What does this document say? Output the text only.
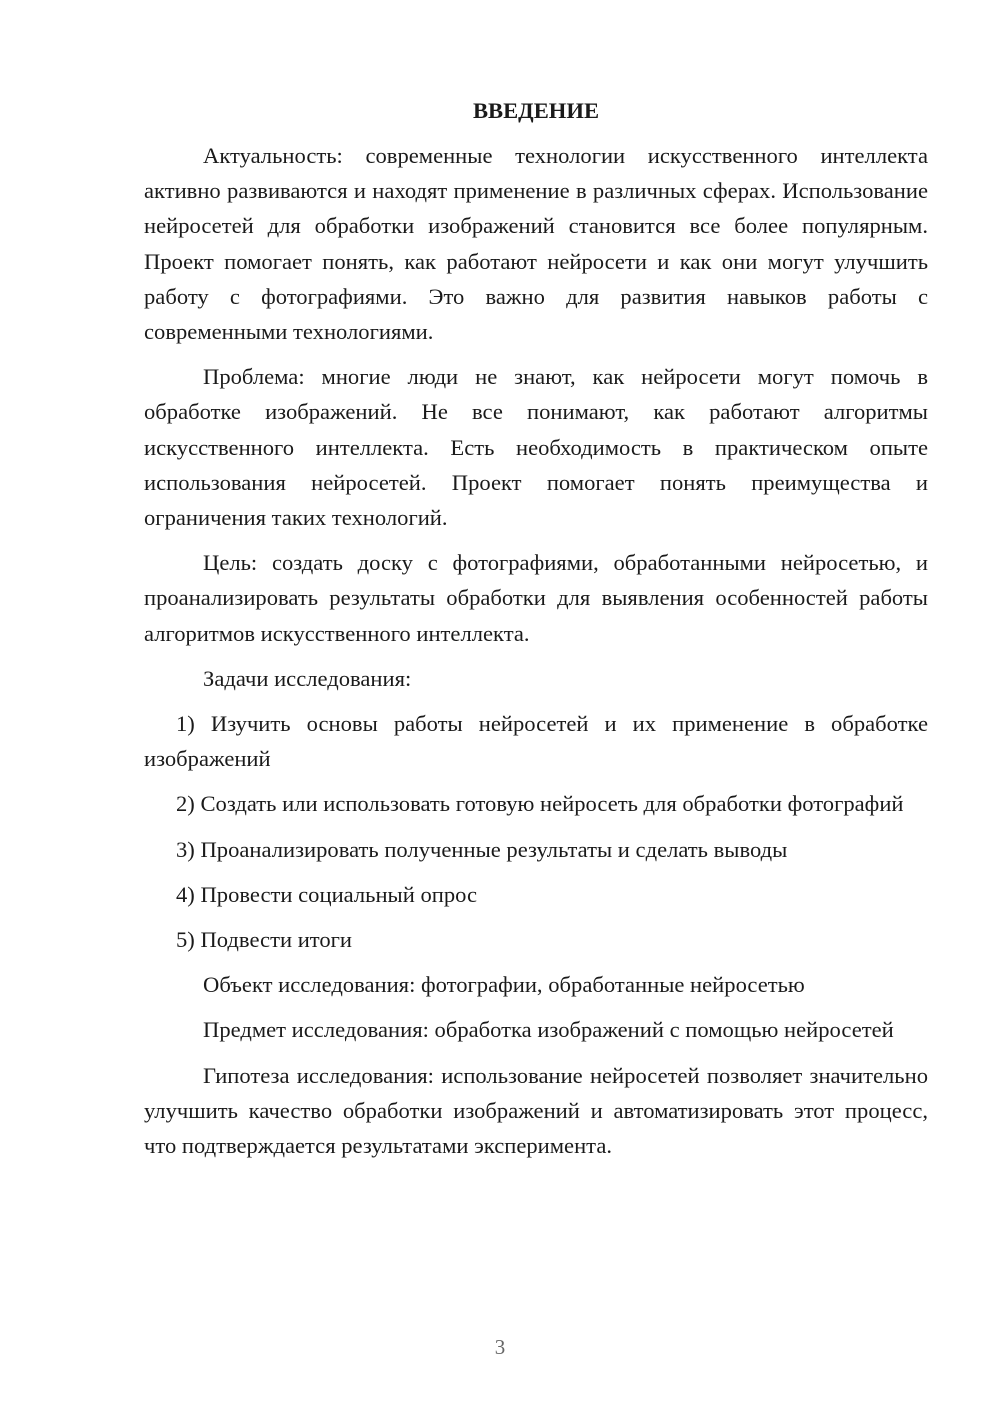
ВВЕДЕНИЕ

Актуальность: современные технологии искусственного интеллекта активно развиваются и находят применение в различных сферах. Использование нейросетей для обработки изображений становится все более популярным. Проект помогает понять, как работают нейросети и как они могут улучшить работу с фотографиями. Это важно для развития навыков работы с современными технологиями.

Проблема: многие люди не знают, как нейросети могут помочь в обработке изображений. Не все понимают, как работают алгоритмы искусственного интеллекта. Есть необходимость в практическом опыте использования нейросетей. Проект помогает понять преимущества и ограничения таких технологий.

Цель: создать доску с фотографиями, обработанными нейросетью, и проанализировать результаты обработки для выявления особенностей работы алгоритмов искусственного интеллекта.

Задачи исследования:

1) Изучить основы работы нейросетей и их применение в обработке изображений

2) Создать или использовать готовую нейросеть для обработки фотографий

3) Проанализировать полученные результаты и сделать выводы

4) Провести социальный опрос

5) Подвести итоги

Объект исследования: фотографии, обработанные нейросетью

Предмет исследования: обработка изображений с помощью нейросетей

Гипотеза исследования: использование нейросетей позволяет значительно улучшить качество обработки изображений и автоматизировать этот процесс, что подтверждается результатами эксперимента.

3
